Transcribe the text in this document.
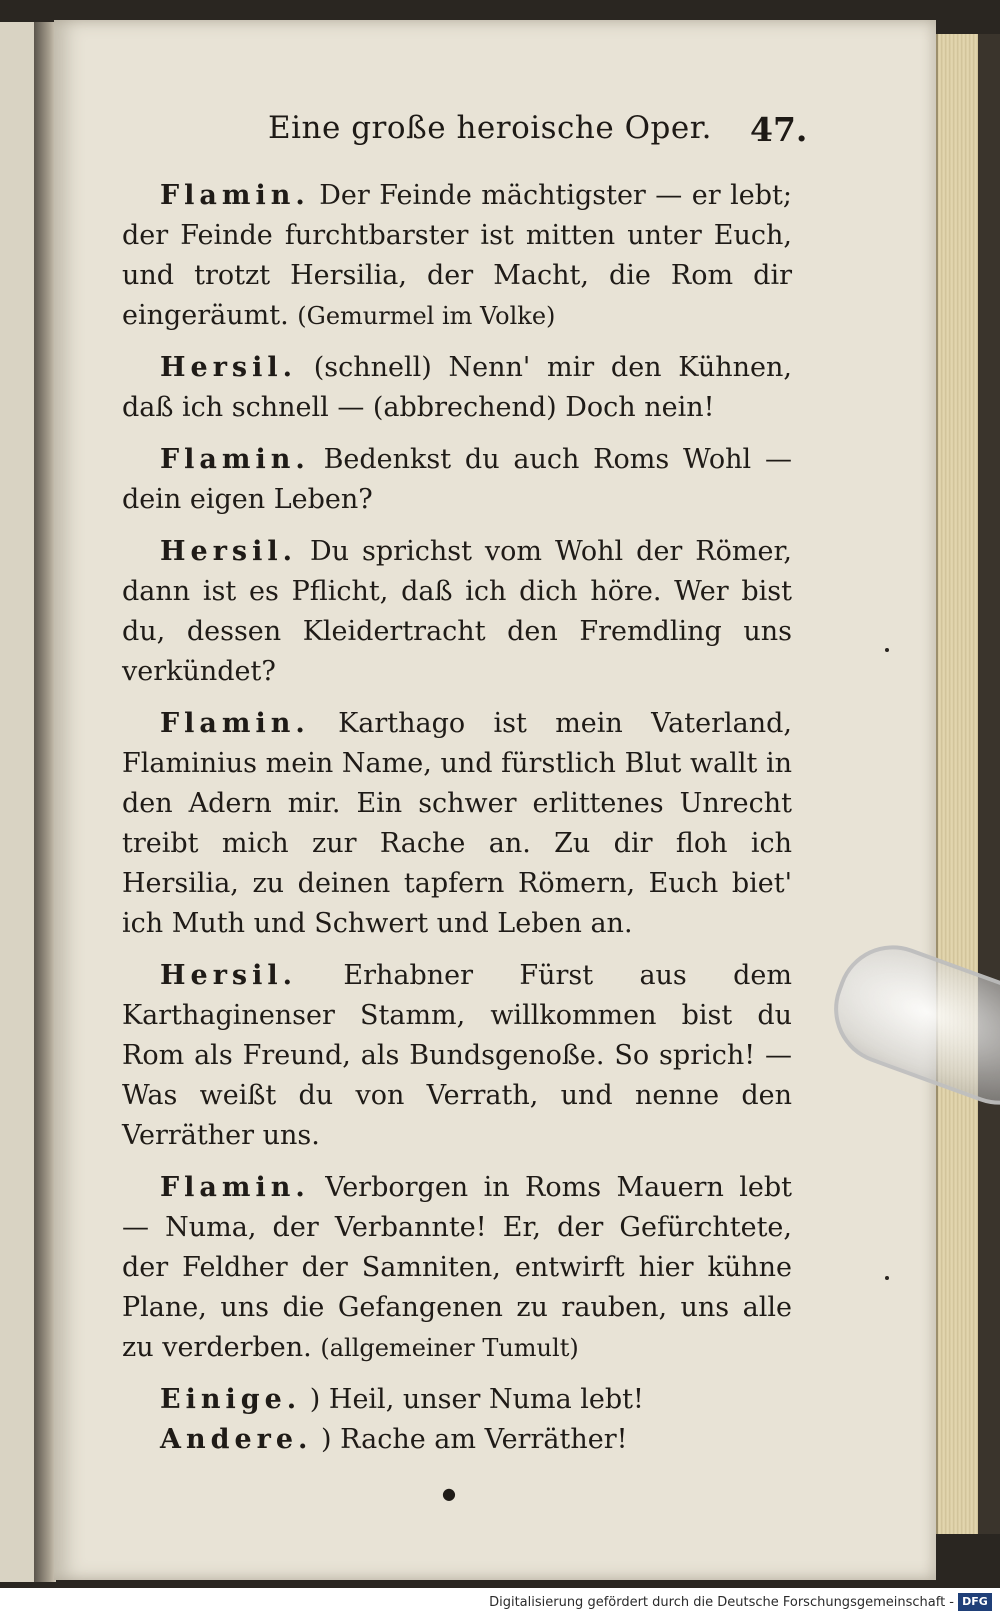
Eine große heroische Oper. 47.

Flamin. Der Feinde mächtigster — er lebt; der Feinde furchtbarster ist mitten unter Euch, und trotzt Hersilia, der Macht, die Rom dir eingeräumt. (Gemurmel im Volke)

Hersil. (schnell) Nenn' mir den Kühnen, daß ich schnell — (abbrechend) Doch nein!

Flamin. Bedenkst du auch Roms Wohl — dein eigen Leben?

Hersil. Du sprichst vom Wohl der Römer, dann ist es Pflicht, daß ich dich höre. Wer bist du, dessen Kleidertracht den Fremdling uns verkündet?

Flamin. Karthago ist mein Vaterland, Flaminius mein Name, und fürstlich Blut wallt in den Adern mir. Ein schwer erlittenes Unrecht treibt mich zur Rache an. Zu dir floh ich Hersilia, zu deinen tapfern Römern, Euch biet' ich Muth und Schwert und Leben an.

Hersil. Erhabner Fürst aus dem Karthaginenser Stamm, willkommen bist du Rom als Freund, als Bundsgenoße. So sprich! — Was weißt du von Verrath, und nenne den Verräther uns.

Flamin. Verborgen in Roms Mauern lebt — Numa, der Verbannte! Er, der Gefürchtete, der Feldher der Samniten, entwirft hier kühne Plane, uns die Gefangenen zu rauben, uns alle zu verderben. (allgemeiner Tumult)

Einige. ) Heil, unser Numa lebt!

Andere. ) Rache am Verräther!

●
Digitalisierung gefördert durch die Deutsche Forschungsgemeinschaft - DFG
